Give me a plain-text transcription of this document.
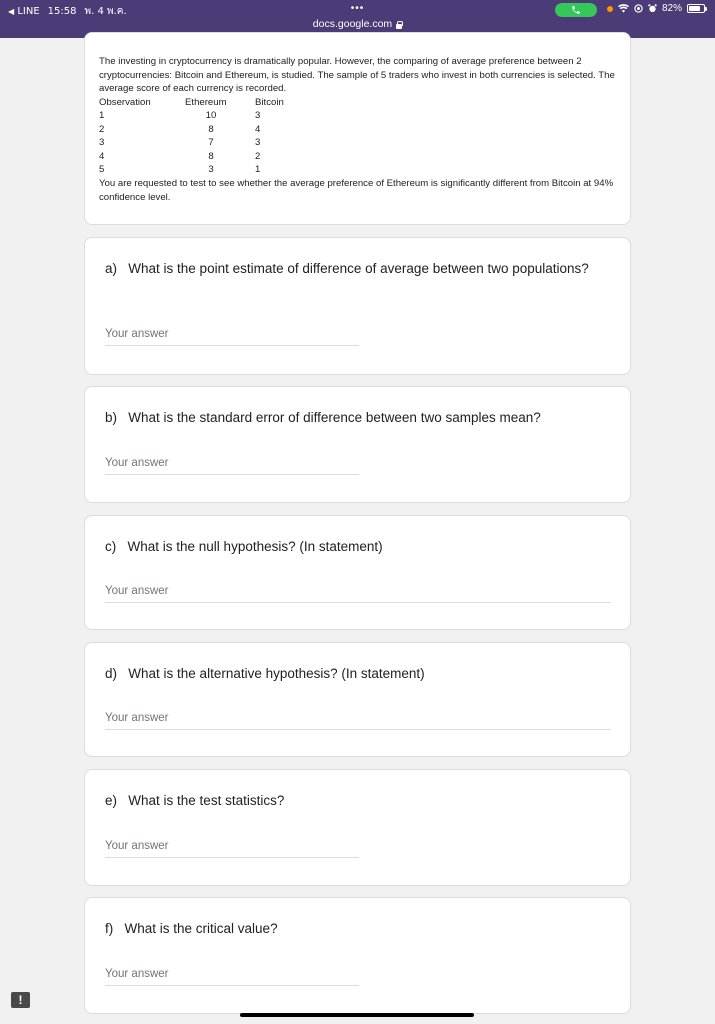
◀ LINE 15:58 พ. 4 พ.ค.	•••
docs.google.com
82%

The investing in cryptocurrency is dramatically popular. However, the comparing of average preference between 2 cryptocurrencies: Bitcoin and Ethereum, is studied. The sample of 5 traders who invest in both currencies is selected. The average score of each currency is recorded.

Observation	Ethereum	Bitcoin
1	10	3
2	8	4
3	7	3
4	8	2
5	3	1

You are requested to test to see whether the average preference of Ethereum is significantly different from Bitcoin at 94% confidence level.

a) What is the point estimate of difference of average between two populations?
Your answer
b) What is the standard error of difference between two samples mean?
Your answer
c) What is the null hypothesis? (In statement)
Your answer
d) What is the alternative hypothesis? (In statement)
Your answer
e) What is the test statistics?
Your answer
f) What is the critical value?
Your answer
!
